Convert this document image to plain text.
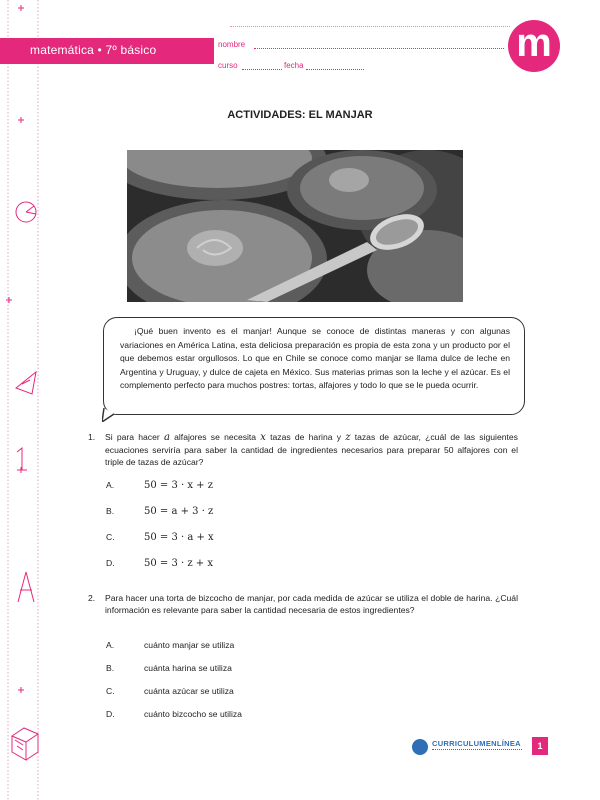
matemática • 7º básico	nombre
curso	fecha
m
ACTIVIDADES: EL MANJAR
¡Qué buen invento es el manjar! Aunque se conoce de distintas maneras y con algunas variaciones en América Latina, esta deliciosa preparación es propia de esta zona y un producto por el que debemos estar orgullosos. Lo que en Chile se conoce como manjar se llama dulce de leche en Argentina y Uruguay, y dulce de cajeta en México. Sus materias primas son la leche y el azúcar. Es el complemento perfecto para muchos postres: tortas, alfajores y todo lo que se le pueda ocurrir.
1. Si para hacer a alfajores se necesita x tazas de harina y z tazas de azúcar, ¿cuál de las siguientes ecuaciones serviría para saber la cantidad de ingredientes necesarios para preparar 50 alfajores con el triple de tazas de azúcar?
A.	50 = 3 · x + z
B.	50 = a + 3 · z
C.	50 = 3 · a + x
D.	50 = 3 · z + x
2. Para hacer una torta de bizcocho de manjar, por cada medida de azúcar se utiliza el doble de harina. ¿Cuál información es relevante para saber la cantidad necesaria de estos ingredientes?
A.	cuánto manjar se utiliza
B.	cuánta harina se utiliza
C.	cuánta azúcar se utiliza
D.	cuánto bizcocho se utiliza
CURRICULUMENLÍNEA	1
